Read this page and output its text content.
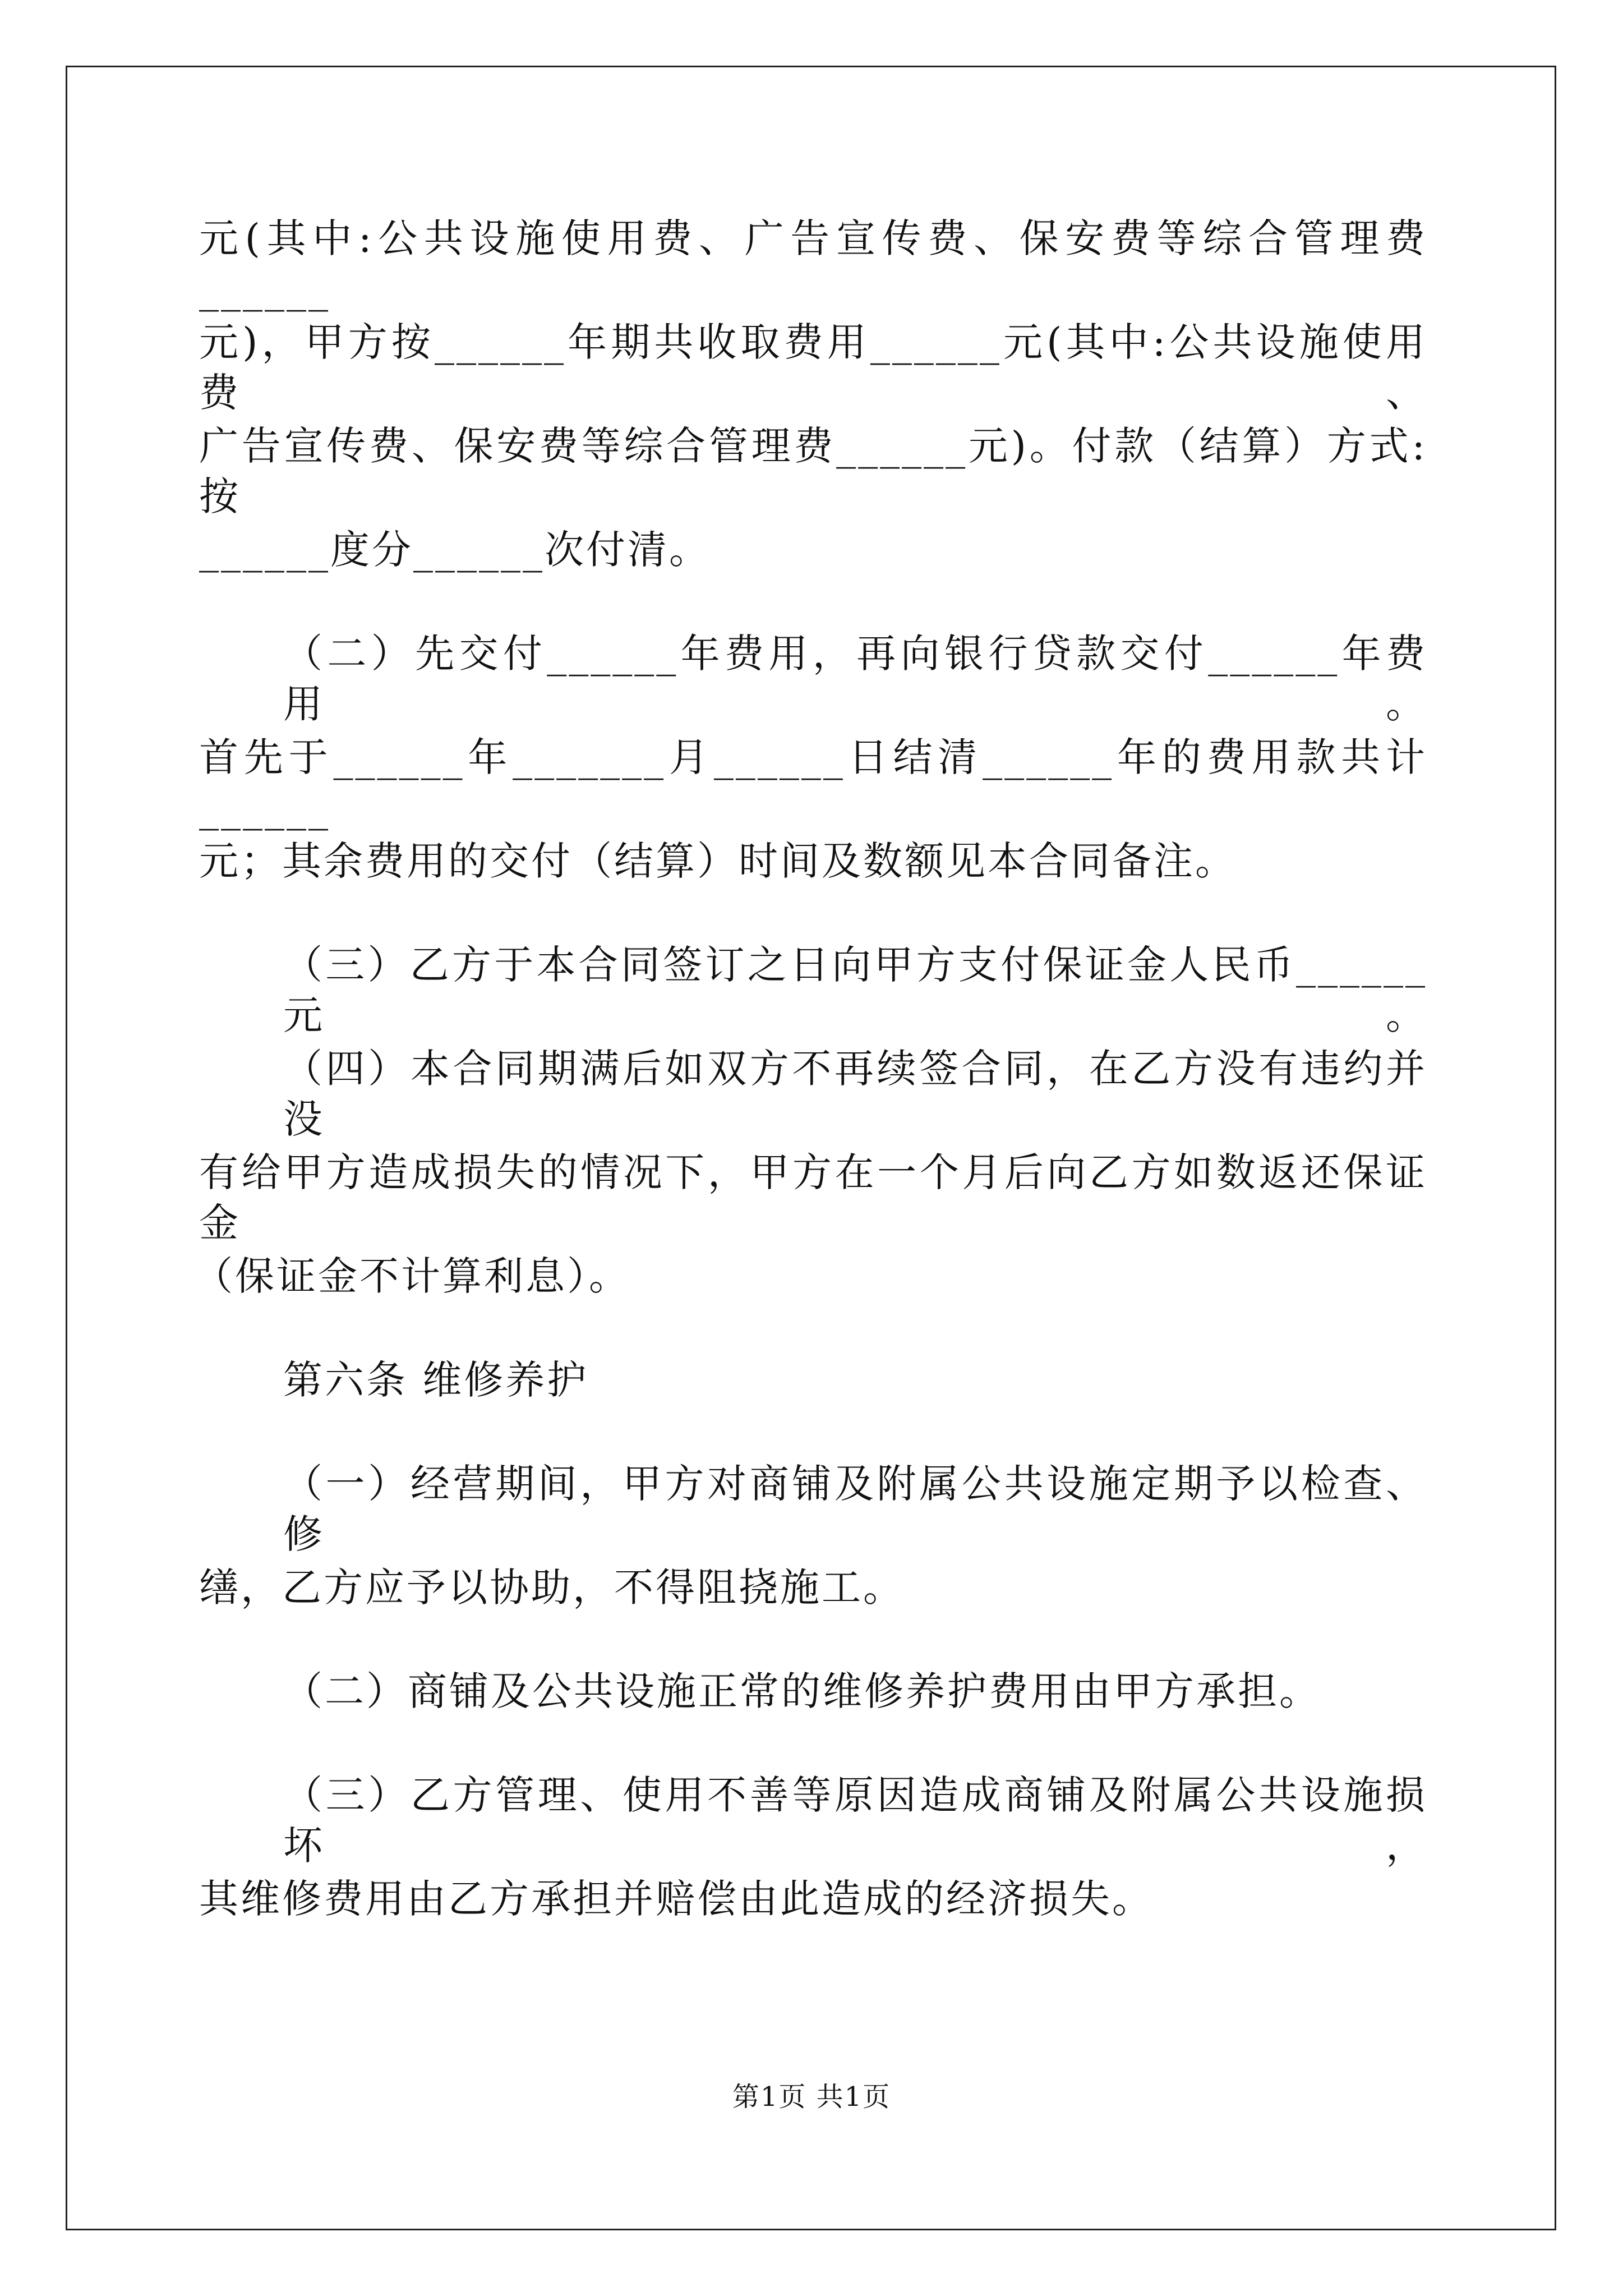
元(其中:公共设施使用费、广告宣传费、保安费等综合管理费______
元)，甲方按______年期共收取费用______元(其中:公共设施使用费、
广告宣传费、保安费等综合管理费______元)。付款（结算）方式:按
______度分______次付清。
（二）先交付______年费用，再向银行贷款交付______年费用。
首先于______年_______月______日结清______年的费用款共计______
元；其余费用的交付（结算）时间及数额见本合同备注。
（三）乙方于本合同签订之日向甲方支付保证金人民币______元。
（四）本合同期满后如双方不再续签合同，在乙方没有违约并没
有给甲方造成损失的情况下，甲方在一个月后向乙方如数返还保证金
（保证金不计算利息）。
第六条 维修养护
（一）经营期间，甲方对商铺及附属公共设施定期予以检查、修
缮，乙方应予以协助，不得阻挠施工。
（二）商铺及公共设施正常的维修养护费用由甲方承担。
（三）乙方管理、使用不善等原因造成商铺及附属公共设施损坏，
其维修费用由乙方承担并赔偿由此造成的经济损失。
第1页 共1页
